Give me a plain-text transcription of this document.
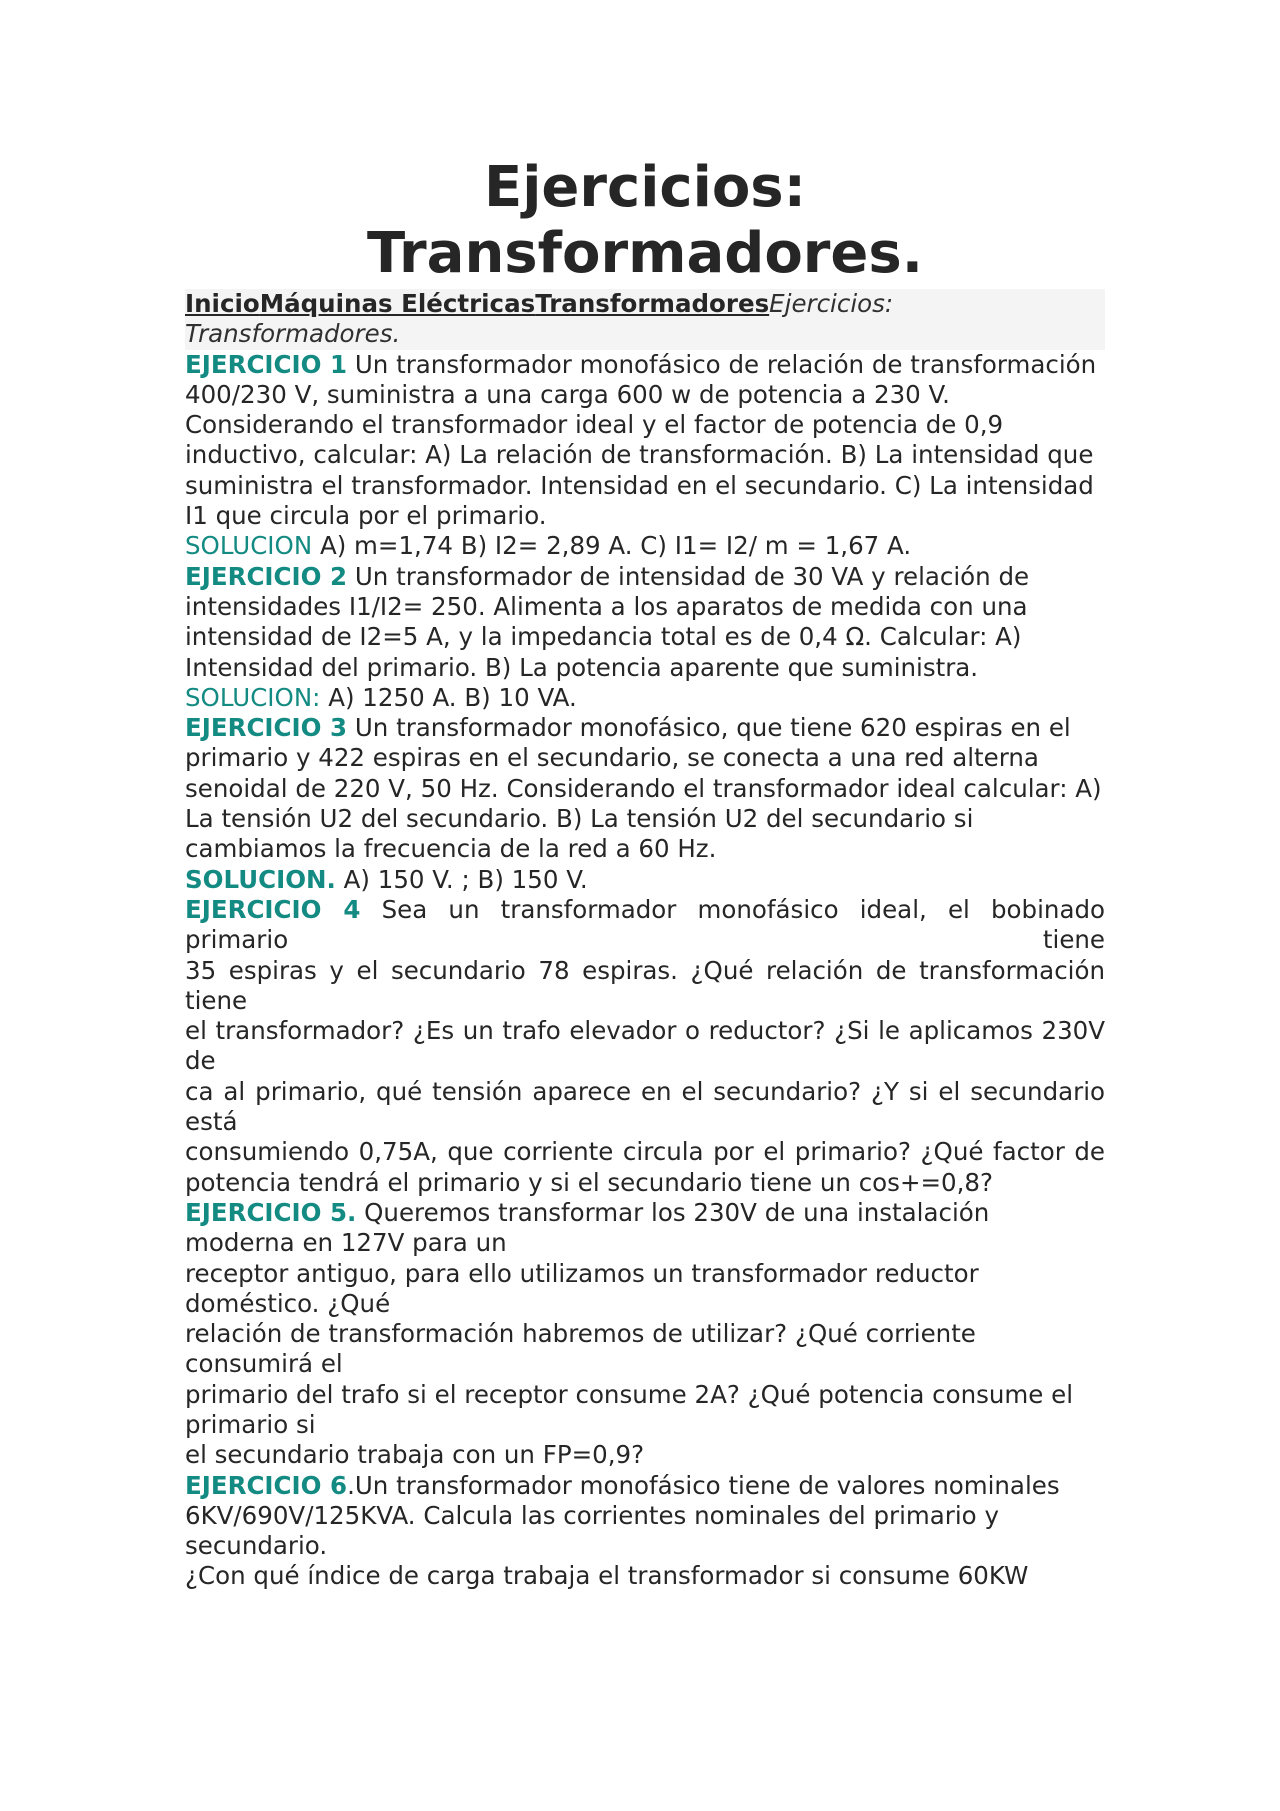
Ejercicios:
Transformadores.
InicioMáquinas EléctricasTransformadoresEjercicios: Transformadores.

EJERCICIO 1 Un transformador monofásico de relación de transformación 400/230 V, suministra a una carga 600 w de potencia a 230 V. Considerando el transformador ideal y el factor de potencia de 0,9 inductivo, calcular: A) La relación de transformación. B) La intensidad que suministra el transformador. Intensidad en el secundario. C) La intensidad I1 que circula por el primario.

SOLUCION A) m=1,74 B) I2= 2,89 A. C) I1= I2/ m = 1,67 A.

EJERCICIO 2 Un transformador de intensidad de 30 VA y relación de intensidades I1/I2= 250. Alimenta a los aparatos de medida con una intensidad de I2=5 A, y la impedancia total es de 0,4 Ω. Calcular: A) Intensidad del primario. B) La potencia aparente que suministra.

SOLUCION: A) 1250 A. B) 10 VA.

EJERCICIO 3 Un transformador monofásico, que tiene 620 espiras en el primario y 422 espiras en el secundario, se conecta a una red alterna senoidal de 220 V, 50 Hz. Considerando el transformador ideal calcular: A) La tensión U2 del secundario. B) La tensión U2 del secundario si cambiamos la frecuencia de la red a 60 Hz.

SOLUCION. A) 150 V. ; B) 150 V.

EJERCICIO 4 Sea un transformador monofásico ideal, el bobinado primario tiene

35 espiras y el secundario 78 espiras. ¿Qué relación de transformación tiene

el transformador? ¿Es un trafo elevador o reductor? ¿Si le aplicamos 230V de

ca al primario, qué tensión aparece en el secundario? ¿Y si el secundario está

consumiendo 0,75A, que corriente circula por el primario? ¿Qué factor de

potencia tendrá el primario y si el secundario tiene un cos+=0,8?

EJERCICIO 5. Queremos transformar los 230V de una instalación moderna en 127V para un

receptor antiguo, para ello utilizamos un transformador reductor doméstico. ¿Qué

relación de transformación habremos de utilizar? ¿Qué corriente consumirá el

primario del trafo si el receptor consume 2A? ¿Qué potencia consume el primario si

el secundario trabaja con un FP=0,9?

EJERCICIO 6.Un transformador monofásico tiene de valores nominales

6KV/690V/125KVA. Calcula las corrientes nominales del primario y secundario.

¿Con qué índice de carga trabaja el transformador si consume 60KW
